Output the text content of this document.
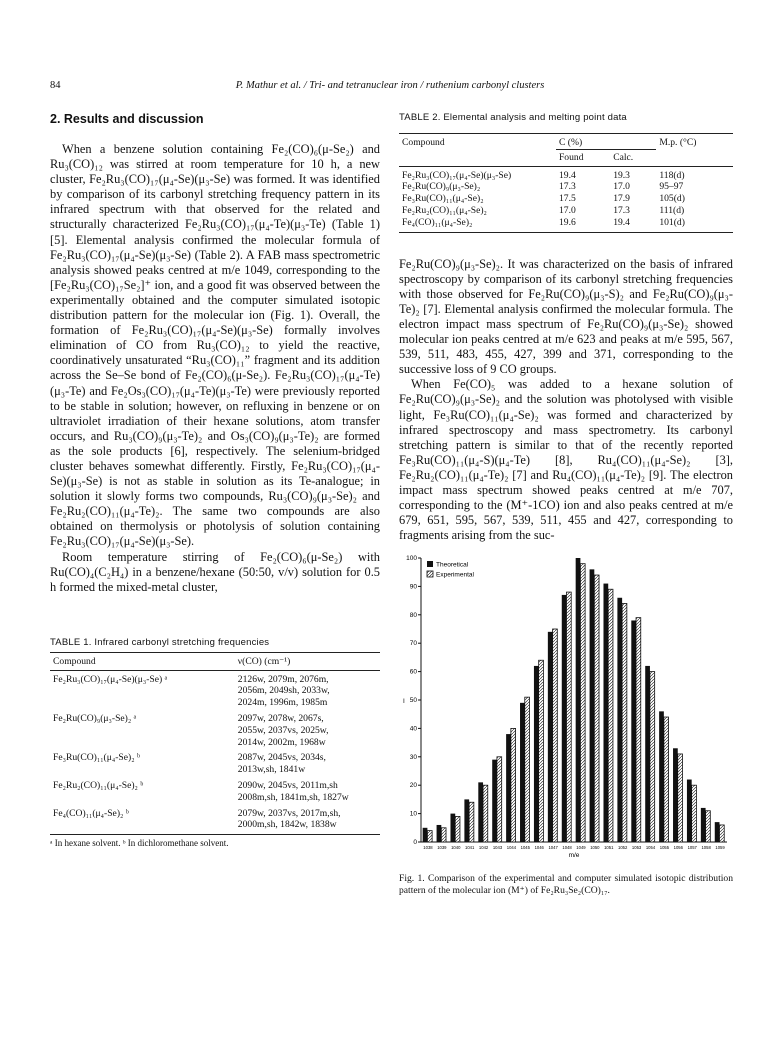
84	P. Mathur et al. / Tri- and tetranuclear iron / ruthenium carbonyl clusters
2. Results and discussion

When a benzene solution containing Fe₂(CO)₆(μ-Se₂) and Ru₃(CO)₁₂ was stirred at room temperature for 10 h, a new cluster, Fe₂Ru₃(CO)₁₇(μ₄-Se)(μ₃-Se) was formed. It was identified by comparison of its carbonyl stretching frequency pattern in its infrared spectrum with that observed for the related and structurally characterized Fe₂Ru₃(CO)₁₇(μ₄-Te)(μ₃-Te) (Table 1) [5]. Elemental analysis confirmed the molecular formula of Fe₂Ru₃(CO)₁₇(μ₄-Se)(μ₃-Se) (Table 2). A FAB mass spectrometric analysis showed peaks centred at m/e 1049, corresponding to the [Fe₂Ru₃(CO)₁₇Se₂]⁺ ion, and a good fit was observed between the experimentally obtained and the computer simulated isotopic distribution pattern for the molecular ion (Fig. 1). Overall, the formation of Fe₂Ru₃(CO)₁₇(μ₄-Se)(μ₃-Se) formally involves elimination of CO from Ru₃(CO)₁₂ to yield the reactive, coordinatively unsaturated “Ru₃(CO)₁₁” fragment and its addition across the Se–Se bond of Fe₂(CO)₆(μ-Se₂). Fe₂Ru₃(CO)₁₇(μ₄-Te)(μ₃-Te) and Fe₂Os₃(CO)₁₇(μ₄-Te)(μ₃-Te) were previously reported to be stable in solution; however, on refluxing in benzene or on ultraviolet irradiation of their hexane solutions, atom transfer occurs, and Ru₃(CO)₉(μ₃-Te)₂ and Os₃(CO)₉(μ₃-Te)₂ are formed as the sole products [6], respectively. The selenium-bridged cluster behaves somewhat differently. Firstly, Fe₂Ru₃(CO)₁₇(μ₄-Se)(μ₃-Se) is not as stable in solution as its Te-analogue; in solution it slowly forms two compounds, Ru₃(CO)₉(μ₃-Se)₂ and Fe₂Ru₂(CO)₁₁(μ₄-Te)₂. The same two compounds are also obtained on thermolysis or photolysis of solution containing Fe₂Ru₃(CO)₁₇(μ₄-Se)(μ₃-Se).

Room temperature stirring of Fe₂(CO)₆(μ-Se₂) with Ru(CO)₄(C₂H₄) in a benzene/hexane (50:50, v/v) solution for 0.5 h formed the mixed-metal cluster,

TABLE 1. Infrared carbonyl stretching frequencies
Compound	ν(CO) (cm⁻¹)
Fe₂Ru₃(CO)₁₇(μ₄-Se)(μ₃-Se) ᵃ	2126w, 2079m, 2076m,
	2056m, 2049sh, 2033w,
	2024m, 1996m, 1985m
Fe₂Ru(CO)₉(μ₃-Se)₂ ᵃ	2097w, 2078w, 2067s,
	2055w, 2037vs, 2025w,
	2014w, 2002m, 1968w
Fe₃Ru(CO)₁₁(μ₄-Se)₂ ᵇ	2087w, 2045vs, 2034s,
	2013w,sh, 1841w
Fe₂Ru₂(CO)₁₁(μ₄-Se)₂ ᵇ	2090w, 2045vs, 2011m,sh
	2008m,sh, 1841m,sh, 1827w
Fe₄(CO)₁₁(μ₄-Se)₂ ᵇ	2079w, 2037vs, 2017m,sh,
	2000m,sh, 1842w, 1838w
ᵃ In hexane solvent. ᵇ In dichloromethane solvent.
TABLE 2. Elemental analysis and melting point data
Compound	C (%)		M.p. (°C)
	Found	Calc.	
Fe₂Ru₃(CO)₁₇(μ₄-Se)(μ₃-Se)	19.4	19.3	118(d)
Fe₂Ru(CO)₉(μ₃-Se)₂	17.3	17.0	95–97
Fe₃Ru(CO)₁₁(μ₄-Se)₂	17.5	17.9	105(d)
Fe₂Ru₂(CO)₁₁(μ₄-Se)₂	17.0	17.3	111(d)
Fe₄(CO)₁₁(μ₄-Se)₂	19.6	19.4	101(d)

Fe₂Ru(CO)₉(μ₃-Se)₂. It was characterized on the basis of infrared spectroscopy by comparison of its carbonyl stretching frequencies with those observed for Fe₂Ru(CO)₉(μ₃-S)₂ and Fe₂Ru(CO)₉(μ₃-Te)₂ [7]. Elemental analysis confirmed the molecular formula. The electron impact mass spectrum of Fe₂Ru(CO)₉(μ₃-Se)₂ showed molecular ion peaks centred at m/e 623 and peaks at m/e 595, 567, 539, 511, 483, 455, 427, 399 and 371, corresponding to the successive loss of 9 CO groups.

When Fe(CO)₅ was added to a hexane solution of Fe₂Ru(CO)₉(μ₃-Se)₂ and the solution was photolysed with visible light, Fe₃Ru(CO)₁₁(μ₄-Se)₂ was formed and characterized by infrared spectroscopy and mass spectrometry. Its carbonyl stretching pattern is similar to that of the recently reported Fe₃Ru(CO)₁₁(μ₄-S)(μ₄-Te) [8], Ru₄(CO)₁₁(μ₄-Se)₂ [3], Fe₂Ru₂(CO)₁₁(μ₄-Te)₂ [7] and Ru₄(CO)₁₁(μ₄-Te)₂ [9]. The electron impact mass spectrum showed peaks centred at m/e 707, corresponding to the (M⁺-1CO) ion and also peaks centred at m/e 679, 651, 595, 567, 539, 511, 455 and 427, corresponding to fragments arising from the suc-

0
10
20
30
40
50
60
70
80
90
100
I
1038 1039 1040 1041 1042 1043 1044 1045 1046 1047 1048 1049 1050 1051 1052 1053 1054 1055 1056 1057 1058 1059
m/e
Theoretical
Experimental
Fig. 1. Comparison of the experimental and computer simulated isotopic distribution pattern of the molecular ion (M⁺) of Fe₂Ru₃Se₂(CO)₁₇.
